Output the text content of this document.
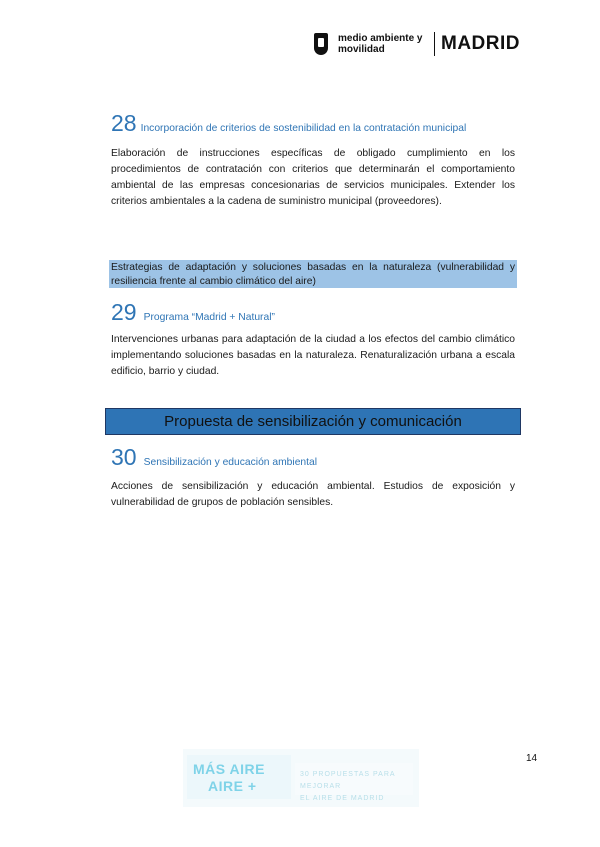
medio ambiente y movilidad	MADRID
28 Incorporación de criterios de sostenibilidad en la contratación municipal

Elaboración de instrucciones específicas de obligado cumplimiento en los procedimientos de contratación con criterios que determinarán el comportamiento ambiental de las empresas concesionarias de servicios municipales. Extender los criterios ambientales a la cadena de suministro municipal (proveedores).

Estrategias de adaptación y soluciones basadas en la naturaleza (vulnerabilidad y resiliencia frente al cambio climático del aire)
29 Programa “Madrid + Natural”

Intervenciones urbanas para adaptación de la ciudad a los efectos del cambio climático implementando soluciones basadas en la naturaleza. Renaturalización urbana a escala edificio, barrio y ciudad.

Propuesta de sensibilización y comunicación
30 Sensibilización y educación ambiental

Acciones de sensibilización y educación ambiental. Estudios de exposición y vulnerabilidad de grupos de población sensibles.

14
MÁS AIRE
AIRE +
30 PROPUESTAS PARA MEJORAR
EL AIRE DE MADRID
